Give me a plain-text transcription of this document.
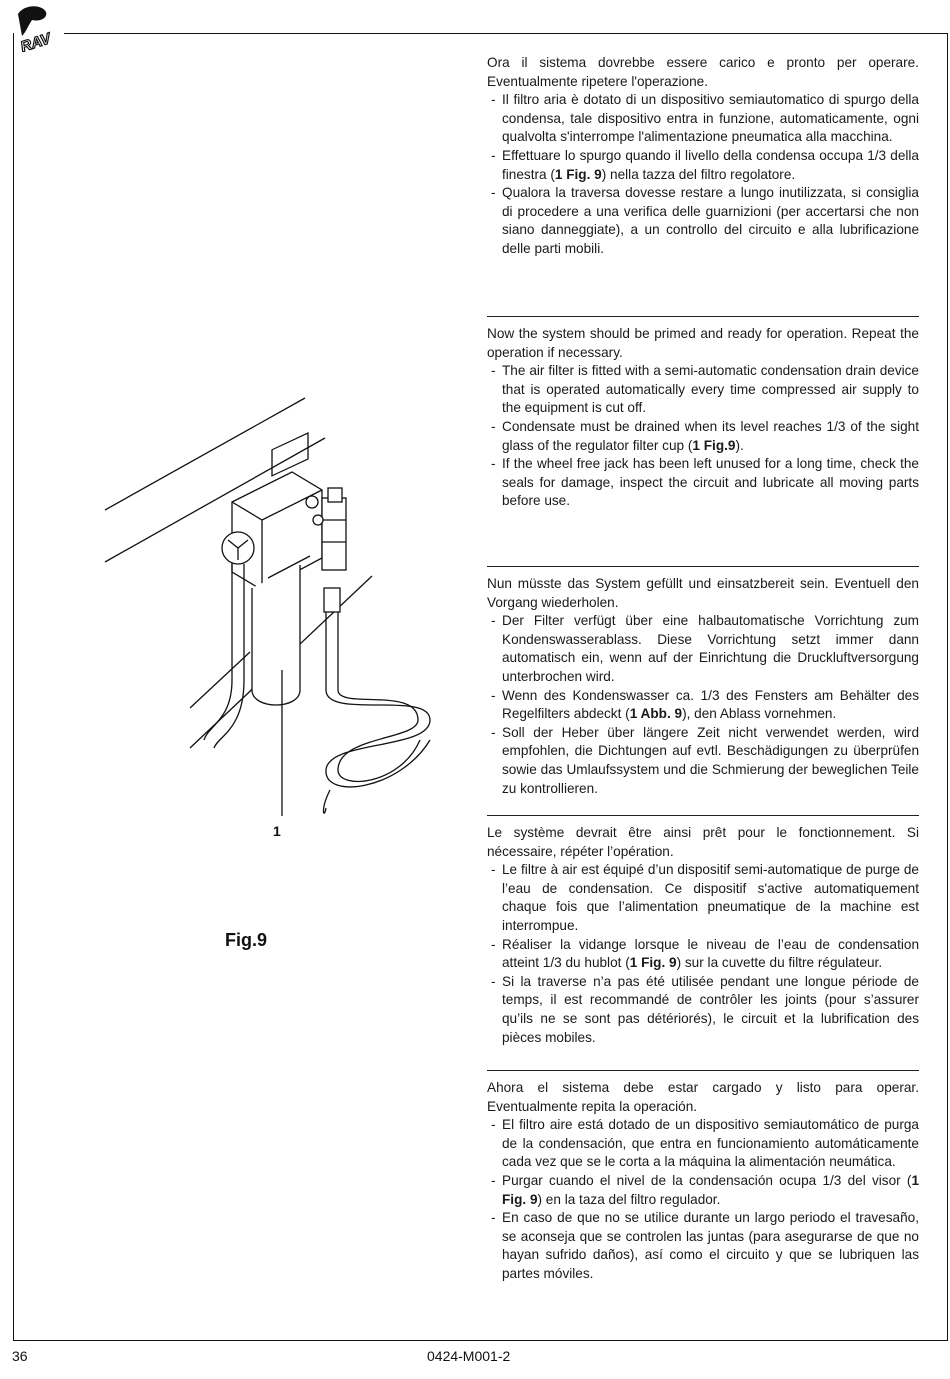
RAV

Ora il sistema dovrebbe essere carico e pronto per operare. Eventualmente ripetere l'operazione.

- Il filtro aria è dotato di un dispositivo semiautomatico di spurgo della condensa, tale dispositivo entra in funzione, automaticamente, ogni qualvolta s'interrompe l'alimentazione pneumatica alla macchina.
- Effettuare lo spurgo quando il livello della condensa occupa 1/3 della finestra (1 Fig. 9) nella tazza del filtro regolatore.
- Qualora la traversa dovesse restare a lungo inutilizzata, si consiglia di procedere a una verifica delle guarnizioni (per accertarsi che non siano danneggiate), a un controllo del circuito e alla lubrificazione delle parti mobili.

Now the system should be primed and ready for operation. Repeat the operation if necessary.

- The air filter is fitted with a semi-automatic condensation drain device that is operated automatically every time compressed air supply to the equipment is cut off.
- Condensate must be drained when its level reaches 1/3 of the sight glass of the regulator filter cup (1 Fig.9).
- If the wheel free jack has been left unused for a long time, check the seals for damage, inspect the circuit and lubricate all moving parts before use.

Nun müsste das System gefüllt und einsatzbereit sein. Eventuell den Vorgang wiederholen.

- Der Filter verfügt über eine halbautomatische Vorrichtung zum Kondenswasserablass. Diese Vorrichtung setzt immer dann automatisch ein, wenn auf der Einrichtung die Druckluftversorgung unterbrochen wird.
- Wenn des Kondenswasser ca. 1/3 des Fensters am Behälter des Regelfilters abdeckt (1 Abb. 9), den Ablass vornehmen.
- Soll der Heber über längere Zeit nicht verwendet werden, wird empfohlen, die Dichtungen auf evtl. Beschädigungen zu überprüfen sowie das Umlaufssystem und die Schmierung der beweglichen Teile zu kontrollieren.

Le système devrait être ainsi prêt pour le fonctionnement. Si nécessaire, répéter l’opération.

- Le filtre à air est équipé d’un dispositif semi-automatique de purge de l’eau de condensation. Ce dispositif s'active automatiquement chaque fois que l’alimentation pneumatique de la machine est interrompue.
- Réaliser la vidange lorsque le niveau de l’eau de condensation atteint 1/3 du hublot (1 Fig. 9) sur la cuvette du filtre régulateur.
- Si la traverse n’a pas été utilisée pendant une longue période de temps, il est recommandé de contrôler les joints (pour s’assurer qu’ils ne se sont pas détériorés), le circuit et la lubrification des pièces mobiles.

Ahora el sistema debe estar cargado y listo para operar. Eventualmente repita la operación.

- El filtro aire está dotado de un dispositivo semiautomático de purga de la condensación, que entra en funcionamiento automáticamente cada vez que se le corta a la máquina la alimentación neumática.
- Purgar cuando el nivel de la condensación ocupa 1/3 del visor (1 Fig. 9) en la taza del filtro regulador.
- En caso de que no se utilice durante un largo periodo el travesaño, se aconseja que se controlen las juntas (para asegurarse de que no hayan sufrido daños), así como el circuito y que se lubriquen las partes móviles.
1
Fig.9
36	0424-M001-2
